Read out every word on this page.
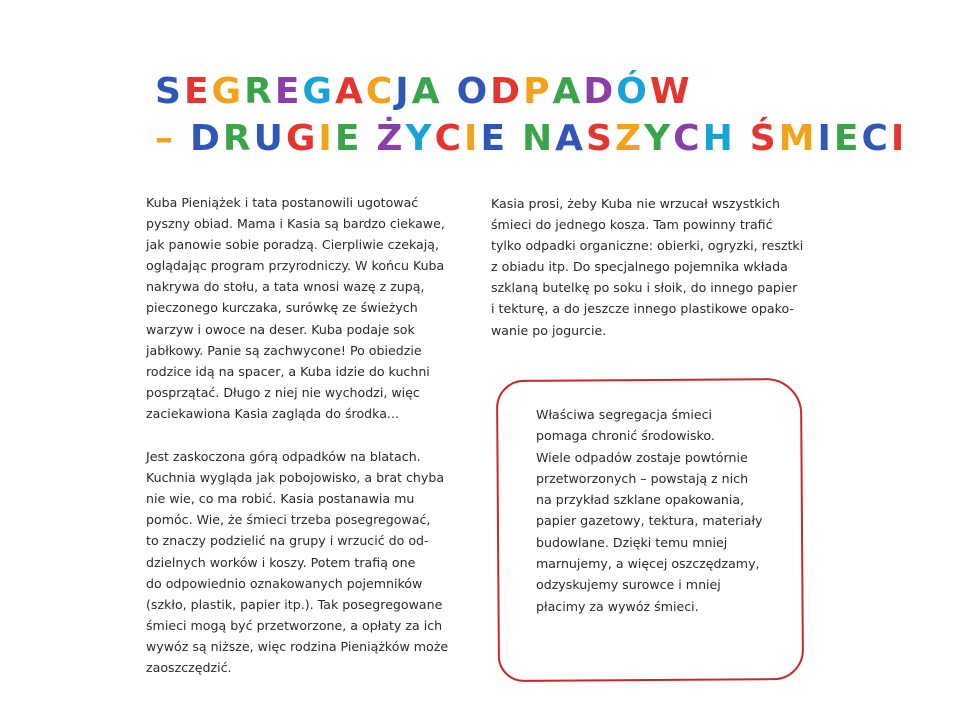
SEGREGACJA ODPADÓW
– DRUGIE ŻYCIE NASZYCH ŚMIECI
Kuba Pieniążek i tata postanowili ugotować
pyszny obiad. Mama i Kasia są bardzo ciekawe,
jak panowie sobie poradzą. Cierpliwie czekają,
oglądając program przyrodniczy. W końcu Kuba
nakrywa do stołu, a tata wnosi wazę z zupą,
pieczonego kurczaka, surówkę ze świeżych
warzyw i owoce na deser. Kuba podaje sok
jabłkowy. Panie są zachwycone! Po obiedzie
rodzice idą na spacer, a Kuba idzie do kuchni
posprzątać. Długo z niej nie wychodzi, więc
zaciekawiona Kasia zagląda do środka...
Jest zaskoczona górą odpadków na blatach.
Kuchnia wygląda jak pobojowisko, a brat chyba
nie wie, co ma robić. Kasia postanawia mu
pomóc. Wie, że śmieci trzeba posegregować,
to znaczy podzielić na grupy i wrzucić do od-
dzielnych worków i koszy. Potem trafią one
do odpowiednio oznakowanych pojemników
(szkło, plastik, papier itp.). Tak posegregowane
śmieci mogą być przetworzone, a opłaty za ich
wywóz są niższe, więc rodzina Pieniążków może
zaoszczędzić.
Kasia prosi, żeby Kuba nie wrzucał wszystkich
śmieci do jednego kosza. Tam powinny trafić
tylko odpadki organiczne: obierki, ogryzki, resztki
z obiadu itp. Do specjalnego pojemnika wkłada
szklaną butelkę po soku i słoik, do innego papier
i tekturę, a do jeszcze innego plastikowe opako-
wanie po jogurcie.
Właściwa segregacja śmieci
pomaga chronić środowisko.
Wiele odpadów zostaje powtórnie
przetworzonych – powstają z nich
na przykład szklane opakowania,
papier gazetowy, tektura, materiały
budowlane. Dzięki temu mniej
marnujemy, a więcej oszczędzamy,
odzyskujemy surowce i mniej
płacimy za wywóz śmieci.
